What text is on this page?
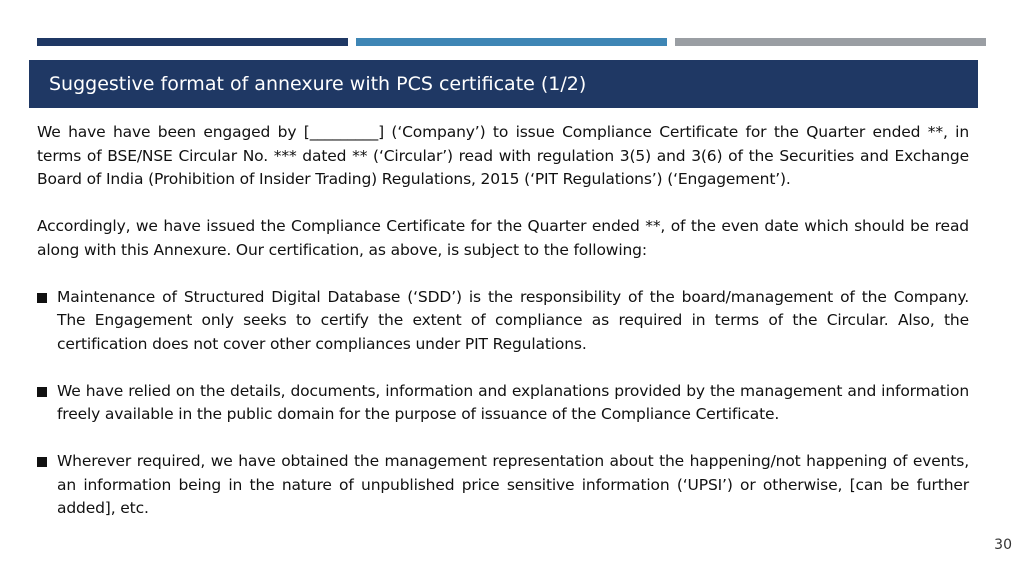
Suggestive format of annexure with PCS certificate (1/2)

We have have been engaged by [_________] (‘Company’) to issue Compliance Certificate for the Quarter ended **, in terms of BSE/NSE Circular No. *** dated ** (‘Circular’) read with regulation 3(5) and 3(6) of the Securities and Exchange Board of India (Prohibition of Insider Trading) Regulations, 2015 (‘PIT Regulations’) (‘Engagement’).

Accordingly, we have issued the Compliance Certificate for the Quarter ended **, of the even date which should be read along with this Annexure. Our certification, as above, is subject to the following:

Maintenance of Structured Digital Database (‘SDD’) is the responsibility of the board/management of the Company. The Engagement only seeks to certify the extent of compliance as required in terms of the Circular. Also, the certification does not cover other compliances under PIT Regulations.
We have relied on the details, documents, information and explanations provided by the management and information freely available in the public domain for the purpose of issuance of the Compliance Certificate.
Wherever required, we have obtained the management representation about the happening/not happening of events, an information being in the nature of unpublished price sensitive information (‘UPSI’) or otherwise, [can be further added], etc.
30
